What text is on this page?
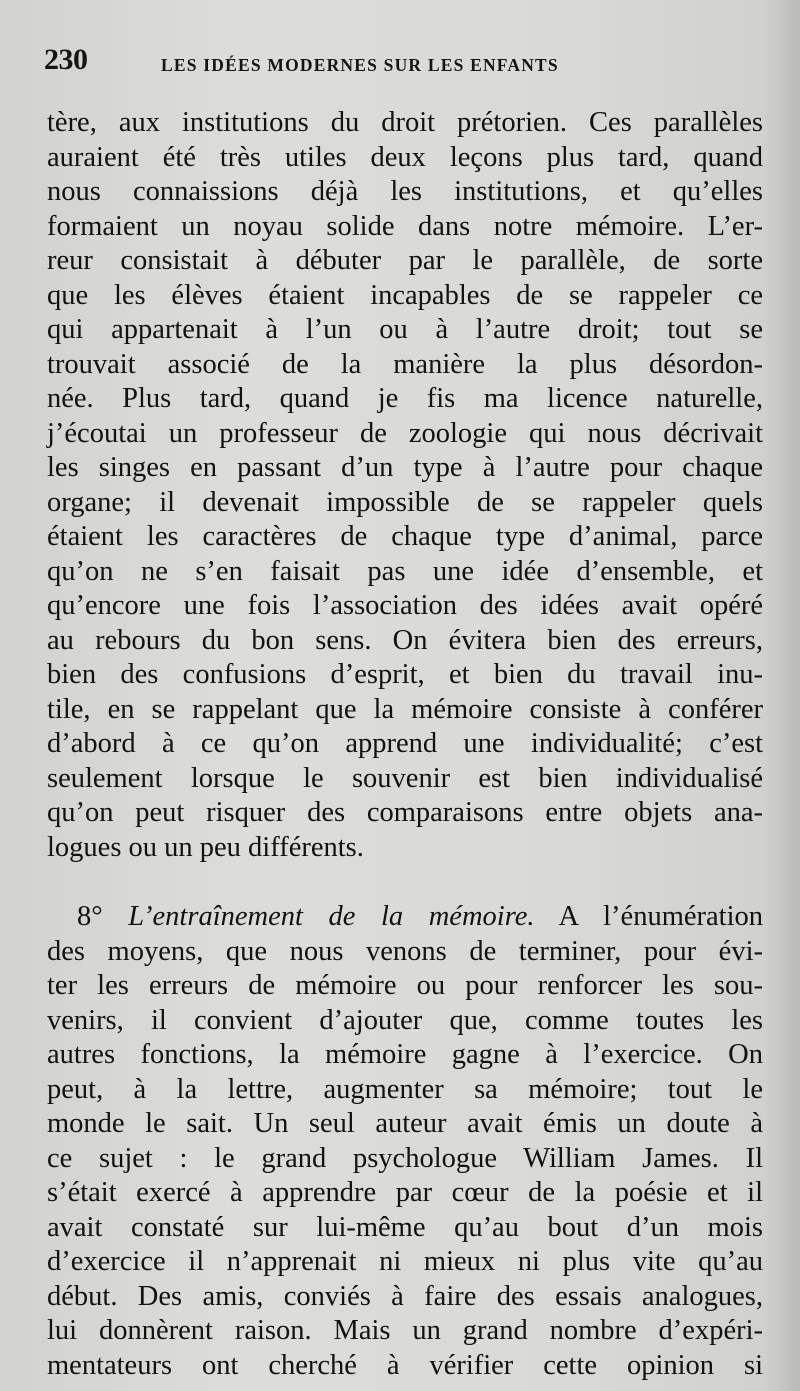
230	LES IDÉES MODERNES SUR LES ENFANTS
tère, aux institutions du droit prétorien. Ces parallèles
auraient été très utiles deux leçons plus tard, quand
nous connaissions déjà les institutions, et qu’elles
formaient un noyau solide dans notre mémoire. L’er-
reur consistait à débuter par le parallèle, de sorte
que les élèves étaient incapables de se rappeler ce
qui appartenait à l’un ou à l’autre droit; tout se
trouvait associé de la manière la plus désordon-
née. Plus tard, quand je fis ma licence naturelle,
j’écoutai un professeur de zoologie qui nous décrivait
les singes en passant d’un type à l’autre pour chaque
organe; il devenait impossible de se rappeler quels
étaient les caractères de chaque type d’animal, parce
qu’on ne s’en faisait pas une idée d’ensemble, et
qu’encore une fois l’association des idées avait opéré
au rebours du bon sens. On évitera bien des erreurs,
bien des confusions d’esprit, et bien du travail inu-
tile, en se rappelant que la mémoire consiste à conférer
d’abord à ce qu’on apprend une individualité; c’est
seulement lorsque le souvenir est bien individualisé
qu’on peut risquer des comparaisons entre objets ana-
logues ou un peu différents.
8° L’entraînement de la mémoire. A l’énumération
des moyens, que nous venons de terminer, pour évi-
ter les erreurs de mémoire ou pour renforcer les sou-
venirs, il convient d’ajouter que, comme toutes les
autres fonctions, la mémoire gagne à l’exercice. On
peut, à la lettre, augmenter sa mémoire; tout le
monde le sait. Un seul auteur avait émis un doute à
ce sujet : le grand psychologue William James. Il
s’était exercé à apprendre par cœur de la poésie et il
avait constaté sur lui-même qu’au bout d’un mois
d’exercice il n’apprenait ni mieux ni plus vite qu’au
début. Des amis, conviés à faire des essais analogues,
lui donnèrent raison. Mais un grand nombre d’expéri-
mentateurs ont cherché à vérifier cette opinion si
